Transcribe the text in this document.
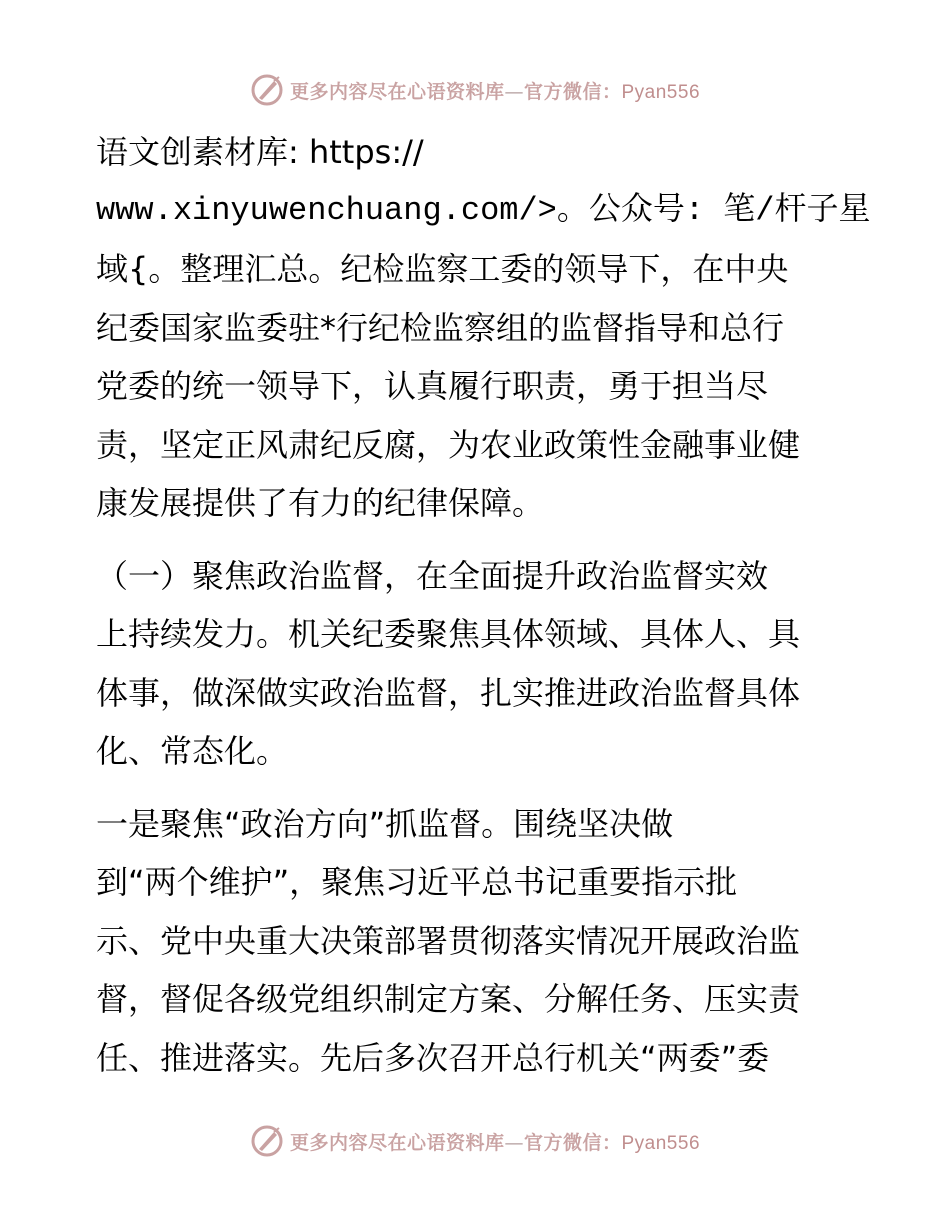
更多内容尽在心语资料库—官方微信：Pyan556
语文创素材库: https://
www.xinyuwenchuang.com/>。公众号: 笔/杆子星
域{。整理汇总。纪检监察工委的领导下，在中央
纪委国家监委驻*行纪检监察组的监督指导和总行
党委的统一领导下，认真履行职责，勇于担当尽
责，坚定正风肃纪反腐，为农业政策性金融事业健
康发展提供了有力的纪律保障。
（一）聚焦政治监督，在全面提升政治监督实效
上持续发力。机关纪委聚焦具体领域、具体人、具
体事，做深做实政治监督，扎实推进政治监督具体
化、常态化。
一是聚焦“政治方向”抓监督。围绕坚决做
到“两个维护”，聚焦习近平总书记重要指示批
示、党中央重大决策部署贯彻落实情况开展政治监
督，督促各级党组织制定方案、分解任务、压实责
任、推进落实。先后多次召开总行机关“两委”委
更多内容尽在心语资料库—官方微信：Pyan556
